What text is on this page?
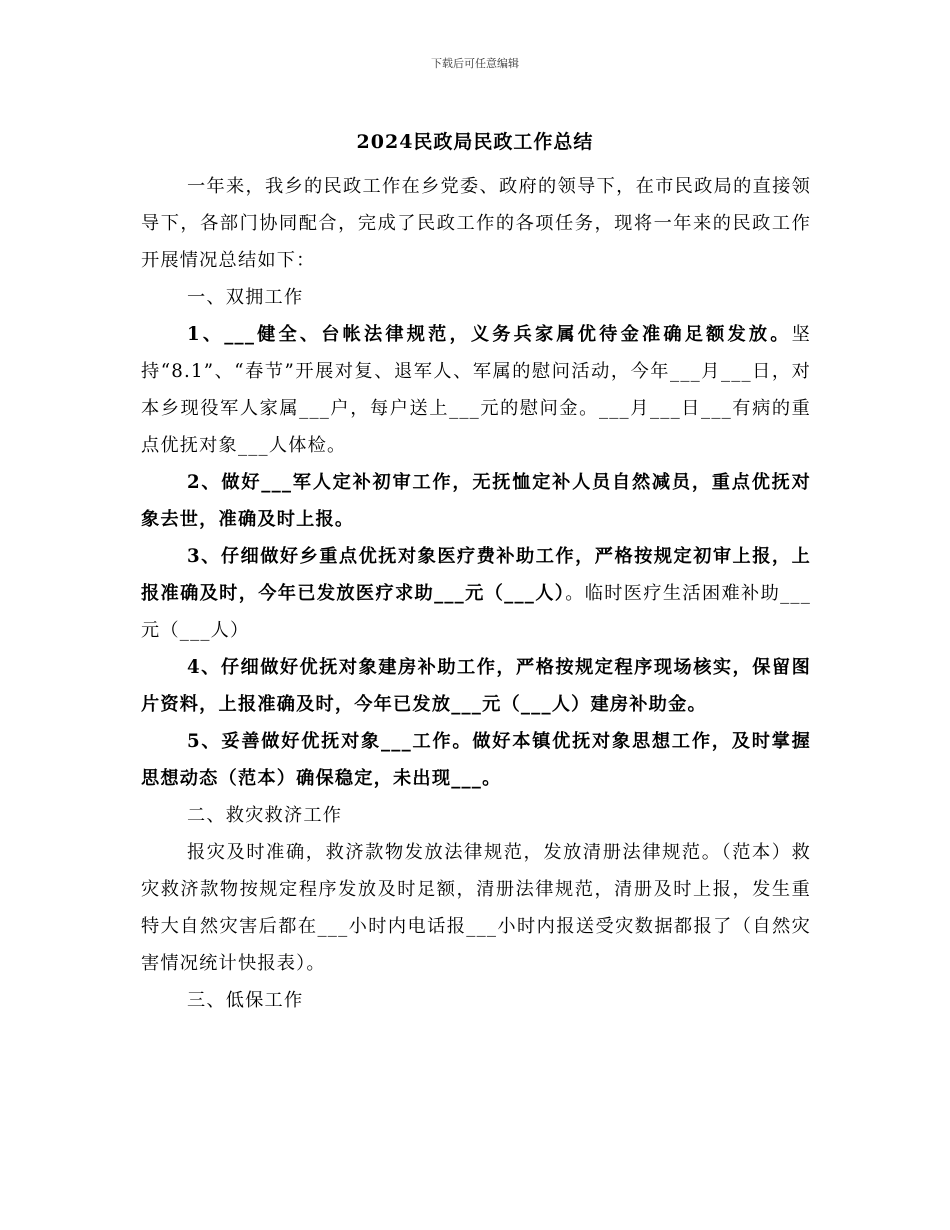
下载后可任意编辑
2024民政局民政工作总结

一年来，我乡的民政工作在乡党委、政府的领导下，在市民政局的直接领导下，各部门协同配合，完成了民政工作的各项任务，现将一年来的民政工作开展情况总结如下：

一、双拥工作

1、___健全、台帐法律规范，义务兵家属优待金准确足额发放。坚持“8.1”、“春节”开展对复、退军人、军属的慰问活动，今年___月___日，对本乡现役军人家属___户，每户送上___元的慰问金。___月___日___有病的重点优抚对象___人体检。

2、做好___军人定补初审工作，无抚恤定补人员自然减员，重点优抚对象去世，准确及时上报。

3、仔细做好乡重点优抚对象医疗费补助工作，严格按规定初审上报，上报准确及时，今年已发放医疗求助___元（___人）。临时医疗生活困难补助___元（___人）

4、仔细做好优抚对象建房补助工作，严格按规定程序现场核实，保留图片资料，上报准确及时，今年已发放___元（___人）建房补助金。

5、妥善做好优抚对象___工作。做好本镇优抚对象思想工作，及时掌握思想动态（范本）确保稳定，未出现___。

二、救灾救济工作

报灾及时准确，救济款物发放法律规范，发放清册法律规范。（范本）救灾救济款物按规定程序发放及时足额，清册法律规范，清册及时上报，发生重特大自然灾害后都在___小时内电话报___小时内报送受灾数据都报了（自然灾害情况统计快报表）。

三、低保工作
